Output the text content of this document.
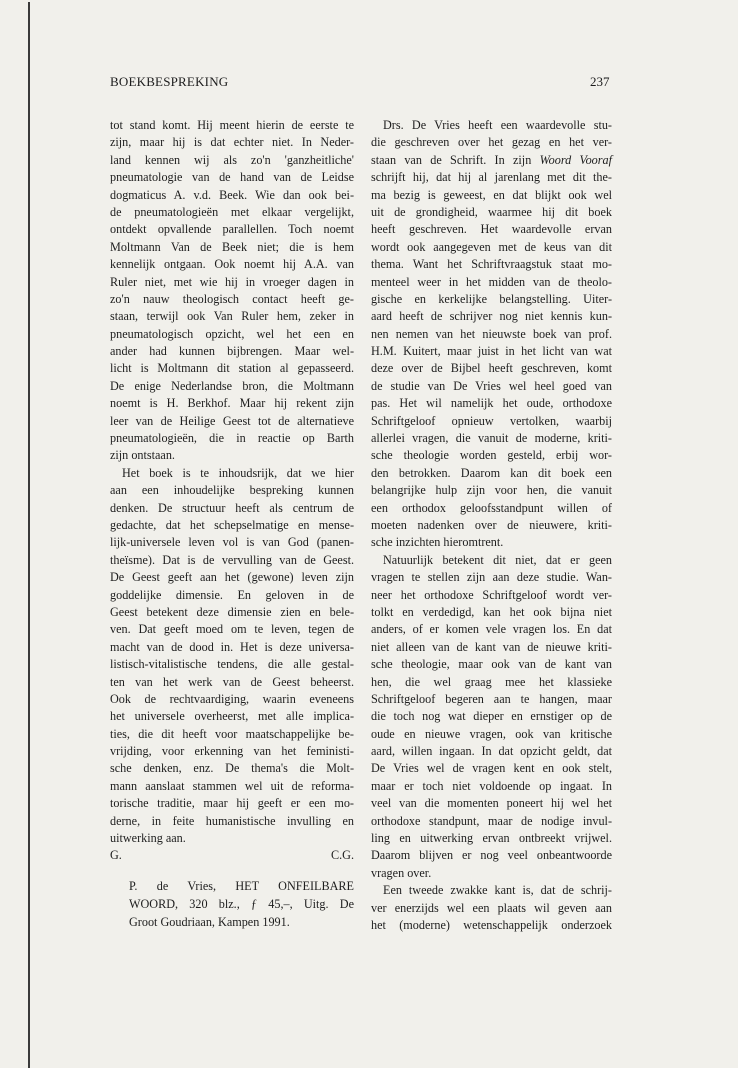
BOEKBESPREKING	237
tot stand komt. Hij meent hierin de eerste te
zijn, maar hij is dat echter niet. In Neder-
land kennen wij als zo'n 'ganzheitliche'
pneumatologie van de hand van de Leidse
dogmaticus A. v.d. Beek. Wie dan ook bei-
de pneumatologieën met elkaar vergelijkt,
ontdekt opvallende parallellen. Toch noemt
Moltmann Van de Beek niet; die is hem
kennelijk ontgaan. Ook noemt hij A.A. van
Ruler niet, met wie hij in vroeger dagen in
zo'n nauw theologisch contact heeft ge-
staan, terwijl ook Van Ruler hem, zeker in
pneumatologisch opzicht, wel het een en
ander had kunnen bijbrengen. Maar wel-
licht is Moltmann dit station al gepasseerd.
De enige Nederlandse bron, die Moltmann
noemt is H. Berkhof. Maar hij rekent zijn
leer van de Heilige Geest tot de alternatieve
pneumatologieën, die in reactie op Barth
zijn ontstaan.
Het boek is te inhoudsrijk, dat we hier
aan een inhoudelijke bespreking kunnen
denken. De structuur heeft als centrum de
gedachte, dat het schepselmatige en mense-
lijk-universele leven vol is van God (panen-
theïsme). Dat is de vervulling van de Geest.
De Geest geeft aan het (gewone) leven zijn
goddelijke dimensie. En geloven in de
Geest betekent deze dimensie zien en bele-
ven. Dat geeft moed om te leven, tegen de
macht van de dood in. Het is deze universa-
listisch-vitalistische tendens, die alle gestal-
ten van het werk van de Geest beheerst.
Ook de rechtvaardiging, waarin eveneens
het universele overheerst, met alle implica-
ties, die dit heeft voor maatschappelijke be-
vrijding, voor erkenning van het feministi-
sche denken, enz. De thema's die Molt-
mann aanslaat stammen wel uit de reforma-
torische traditie, maar hij geeft er een mo-
derne, in feite humanistische invulling en
uitwerking aan.
G.	C.G.
P. de Vries, HET ONFEILBARE
WOORD, 320 blz., ƒ 45,–, Uitg. De
Groot Goudriaan, Kampen 1991.
Drs. De Vries heeft een waardevolle stu-
die geschreven over het gezag en het ver-
staan van de Schrift. In zijn Woord Vooraf
schrijft hij, dat hij al jarenlang met dit the-
ma bezig is geweest, en dat blijkt ook wel
uit de grondigheid, waarmee hij dit boek
heeft geschreven. Het waardevolle ervan
wordt ook aangegeven met de keus van dit
thema. Want het Schriftvraagstuk staat mo-
menteel weer in het midden van de theolo-
gische en kerkelijke belangstelling. Uiter-
aard heeft de schrijver nog niet kennis kun-
nen nemen van het nieuwste boek van prof.
H.M. Kuitert, maar juist in het licht van wat
deze over de Bijbel heeft geschreven, komt
de studie van De Vries wel heel goed van
pas. Het wil namelijk het oude, orthodoxe
Schriftgeloof opnieuw vertolken, waarbij
allerlei vragen, die vanuit de moderne, kriti-
sche theologie worden gesteld, erbij wor-
den betrokken. Daarom kan dit boek een
belangrijke hulp zijn voor hen, die vanuit
een orthodox geloofsstandpunt willen of
moeten nadenken over de nieuwere, kriti-
sche inzichten hieromtrent.
Natuurlijk betekent dit niet, dat er geen
vragen te stellen zijn aan deze studie. Wan-
neer het orthodoxe Schriftgeloof wordt ver-
tolkt en verdedigd, kan het ook bijna niet
anders, of er komen vele vragen los. En dat
niet alleen van de kant van de nieuwe kriti-
sche theologie, maar ook van de kant van
hen, die wel graag mee het klassieke
Schriftgeloof begeren aan te hangen, maar
die toch nog wat dieper en ernstiger op de
oude en nieuwe vragen, ook van kritische
aard, willen ingaan. In dat opzicht geldt, dat
De Vries wel de vragen kent en ook stelt,
maar er toch niet voldoende op ingaat. In
veel van die momenten poneert hij wel het
orthodoxe standpunt, maar de nodige invul-
ling en uitwerking ervan ontbreekt vrijwel.
Daarom blijven er nog veel onbeantwoorde
vragen over.
Een tweede zwakke kant is, dat de schrij-
ver enerzijds wel een plaats wil geven aan
het (moderne) wetenschappelijk onderzoek
